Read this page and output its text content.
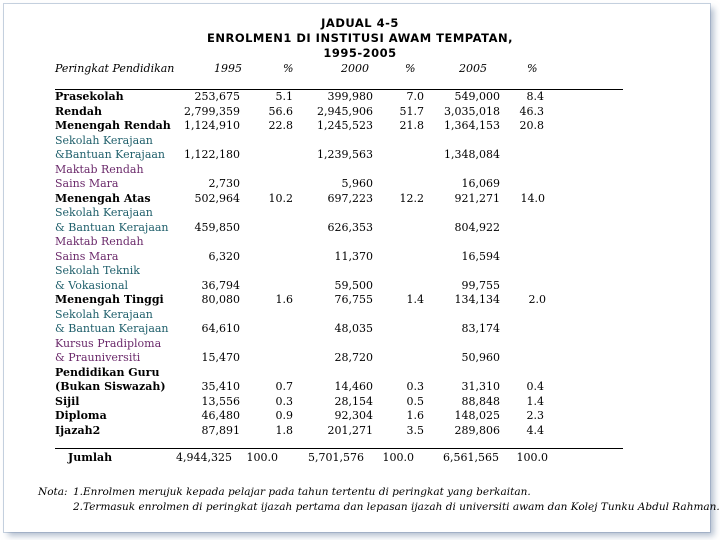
JADUAL 4-5
ENROLMEN1 DI INSTITUSI AWAM TEMPATAN,
1995-2005
Peringkat Pendidikan	1995	%	2000	%	2005	%
Prasekolah	253,675	5.1	399,980	7.0	549,000	8.4
Rendah	2,799,359	56.6	2,945,906	51.7	3,035,018	46.3
Menengah Rendah	1,124,910	22.8	1,245,523	21.8	1,364,153	20.8
Sekolah Kerajaan
&Bantuan Kerajaan	1,122,180	1,239,563	1,348,084
Maktab Rendah
Sains Mara	2,730	5,960	16,069
Menengah Atas	502,964	10.2	697,223	12.2	921,271	14.0
Sekolah Kerajaan
& Bantuan Kerajaan	459,850	626,353	804,922
Maktab Rendah
Sains Mara	6,320	11,370	16,594
Sekolah Teknik
& Vokasional	36,794	59,500	99,755
Menengah Tinggi	80,080	1.6	76,755	1.4	134,134	2.0
Sekolah Kerajaan
& Bantuan Kerajaan	64,610	48,035	83,174
Kursus Pradiploma
& Prauniversiti	15,470	28,720	50,960
Pendidikan Guru
(Bukan Siswazah)	35,410	0.7	14,460	0.3	31,310	0.4
Sijil	13,556	0.3	28,154	0.5	88,848	1.4
Diploma	46,480	0.9	92,304	1.6	148,025	2.3
Ijazah2	87,891	1.8	201,271	3.5	289,806	4.4
Jumlah	4,944,325	100.0	5,701,576	100.0	6,561,565	100.0
Nota: 1.Enrolmen merujuk kepada pelajar pada tahun tertentu di peringkat yang berkaitan.
2.Termasuk enrolmen di peringkat ijazah pertama dan lepasan ijazah di universiti awam dan Kolej Tunku Abdul Rahman.
